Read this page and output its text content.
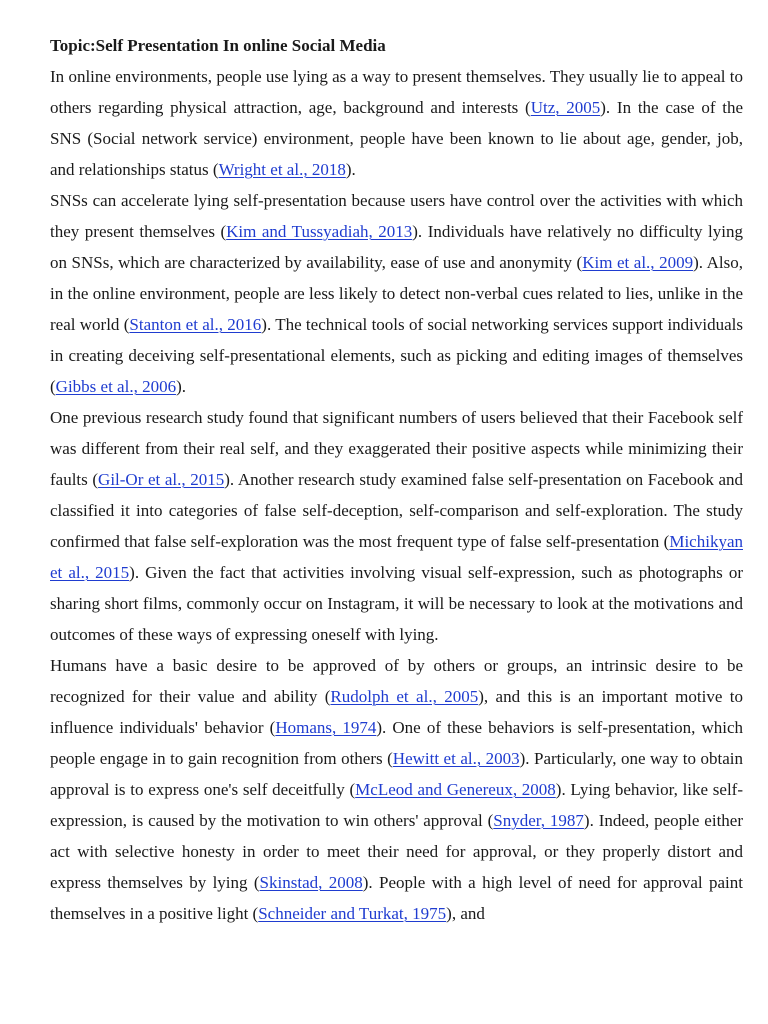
Topic:Self Presentation In online Social Media

In online environments, people use lying as a way to present themselves. They usually lie to appeal to others regarding physical attraction, age, background and interests (Utz, 2005). In the case of the SNS (Social network service) environment, people have been known to lie about age, gender, job, and relationships status (Wright et al., 2018).

SNSs can accelerate lying self-presentation because users have control over the activities with which they present themselves (Kim and Tussyadiah, 2013). Individuals have relatively no difficulty lying on SNSs, which are characterized by availability, ease of use and anonymity (Kim et al., 2009). Also, in the online environment, people are less likely to detect non-verbal cues related to lies, unlike in the real world (Stanton et al., 2016). The technical tools of social networking services support individuals in creating deceiving self-presentational elements, such as picking and editing images of themselves (Gibbs et al., 2006).

One previous research study found that significant numbers of users believed that their Facebook self was different from their real self, and they exaggerated their positive aspects while minimizing their faults (Gil-Or et al., 2015). Another research study examined false self-presentation on Facebook and classified it into categories of false self-deception, self-comparison and self-exploration. The study confirmed that false self-exploration was the most frequent type of false self-presentation (Michikyan et al., 2015). Given the fact that activities involving visual self-expression, such as photographs or sharing short films, commonly occur on Instagram, it will be necessary to look at the motivations and outcomes of these ways of expressing oneself with lying.

Humans have a basic desire to be approved of by others or groups, an intrinsic desire to be recognized for their value and ability (Rudolph et al., 2005), and this is an important motive to influence individuals' behavior (Homans, 1974). One of these behaviors is self-presentation, which people engage in to gain recognition from others (Hewitt et al., 2003). Particularly, one way to obtain approval is to express one's self deceitfully (McLeod and Genereux, 2008). Lying behavior, like self-expression, is caused by the motivation to win others' approval (Snyder, 1987). Indeed, people either act with selective honesty in order to meet their need for approval, or they properly distort and express themselves by lying (Skinstad, 2008). People with a high level of need for approval paint themselves in a positive light (Schneider and Turkat, 1975), and
